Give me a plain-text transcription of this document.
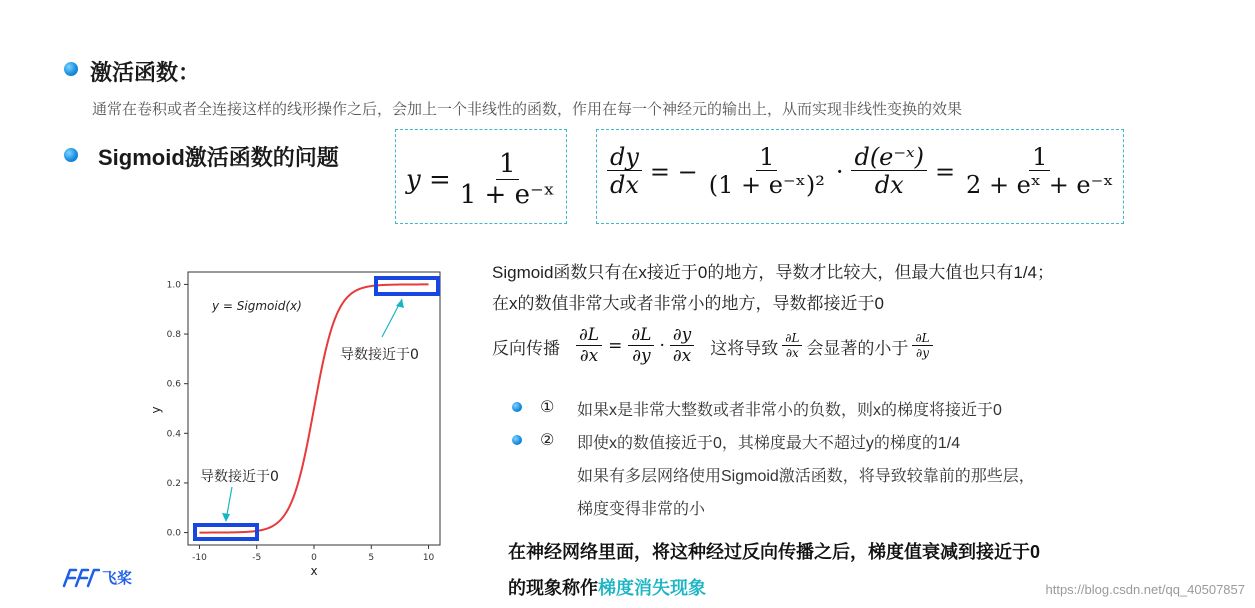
激活函数：
通常在卷积或者全连接这样的线形操作之后，会加上一个非线性的函数，作用在每一个神经元的输出上，从而实现非线性变换的效果
Sigmoid激活函数的问题
$y = \frac{1}{\text{1 + e⁻ˣ}} \frac{dy}{dx}$ = − $\frac{1}{\text{(1 + e⁻ˣ)²}} \cdot \frac{\text{d(e⁻ˣ)}}{dx} = \frac{1}{\text{2 + eˣ + e⁻ˣ}}$
0.0
0.2
0.4
0.6
0.8
1.0
-10	-5	0	5	10
y = Sigmoid(x)
导数接近于0
导数接近于0
x
y
Sigmoid函数只有在x接近于0的地方，导数才比较大，但最大值也只有1/4；
在x的数值非常大或者非常小的地方，导数都接近于0
反向传播 $\frac{\partial L}{\partial x} = \frac{\partial L}{\partial y} \cdot \frac{\partial y}{\partial x}$ 这将导致 $\frac{\partial L}{\partial x}$ 会显著的小于 $\frac{\partial L}{\partial y}$
① 如果x是非常大整数或者非常小的负数，则x的梯度将接近于0
② 即使x的数值接近于0，其梯度最大不超过y的梯度的1/4
如果有多层网络使用Sigmoid激活函数，将导致较靠前的那些层，
梯度变得非常的小
在神经网络里面，将这种经过反向传播之后，梯度值衰减到接近于0
的现象称作梯度消失现象
飞桨
https://blog.csdn.net/qq_40507857
